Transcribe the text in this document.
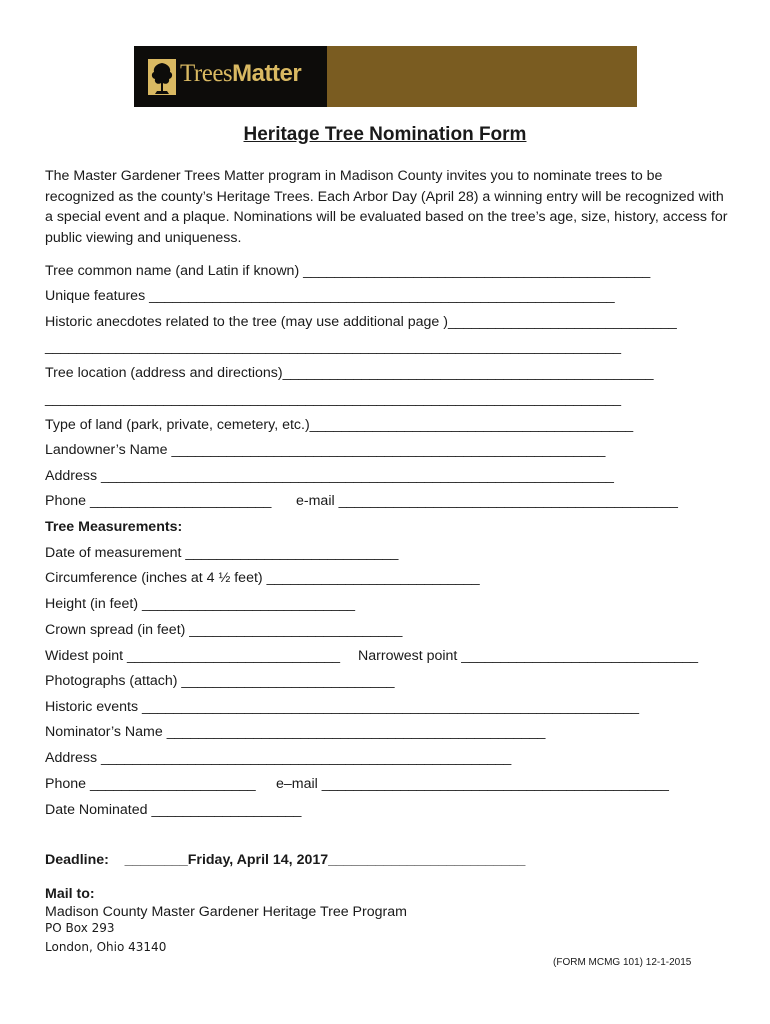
TreesMatter
Heritage Tree Nomination Form
The Master Gardener Trees Matter program in Madison County invites you to nominate trees to be recognized as the county’s Heritage Trees. Each Arbor Day (April 28) a winning entry will be recognized with a special event and a plaque. Nominations will be evaluated based on the tree’s age, size, history, access for public viewing and uniqueness.
Tree common name (and Latin if known) ____________________________________________
Unique features ___________________________________________________________
Historic anecdotes related to the tree (may use additional page )_____________________________
_________________________________________________________________________
Tree location (address and directions)_______________________________________________
_________________________________________________________________________
Type of land (park, private, cemetery, etc.)_________________________________________
Landowner’s Name _______________________________________________________
Address _________________________________________________________________
Phone _______________________ e-mail ___________________________________________
Tree Measurements:
Date of measurement ___________________________
Circumference (inches at 4 ½ feet) ___________________________
Height (in feet) ___________________________
Crown spread (in feet) ___________________________
Widest point ___________________________ Narrowest point ______________________________
Photographs (attach) ___________________________
Historic events _______________________________________________________________
Nominator’s Name ________________________________________________
Address ____________________________________________________
Phone _____________________ e–mail ____________________________________________
Date Nominated ___________________
Deadline: ________Friday, April 14, 2017_________________________
Mail to:
Madison County Master Gardener Heritage Tree Program
PO Box 293
London, Ohio 43140
(FORM MCMG 101) 12-1-2015
